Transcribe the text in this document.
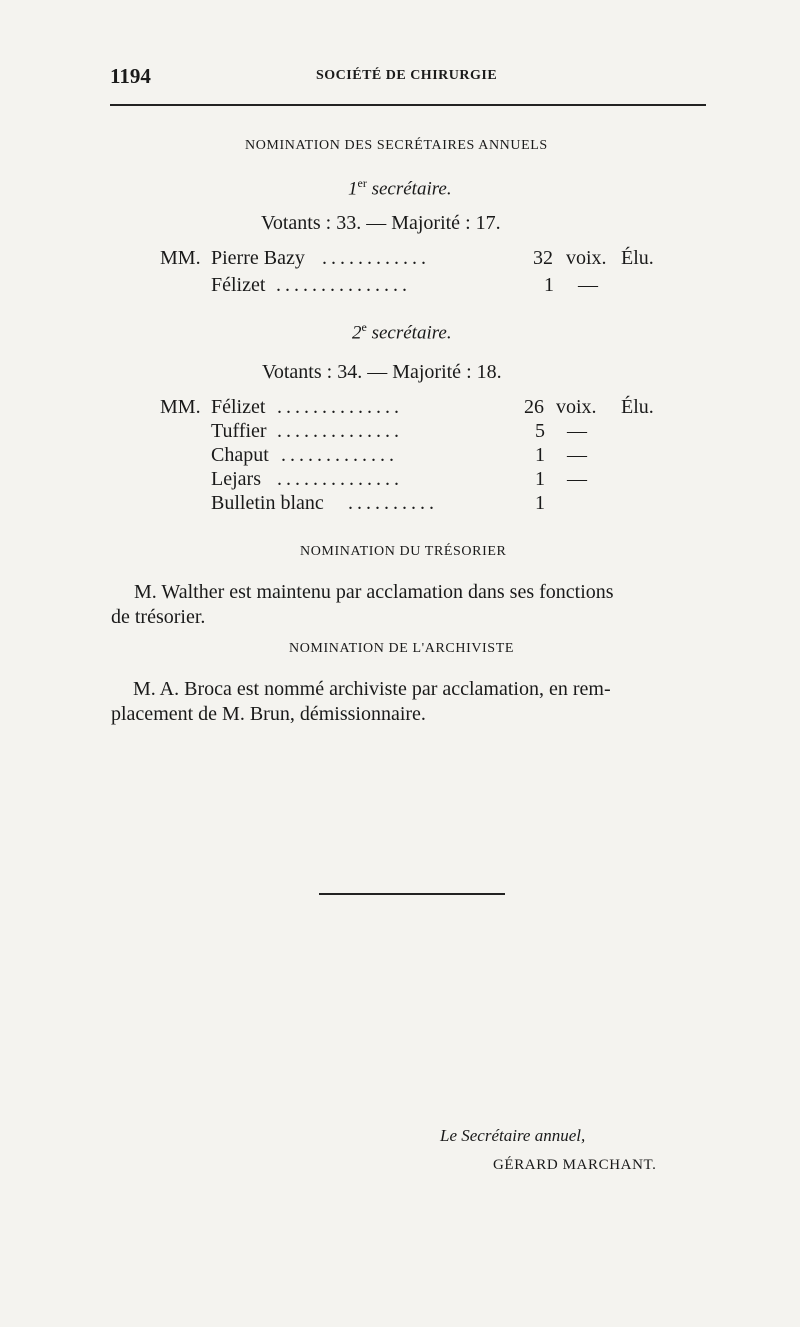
1194	SOCIÉTÉ DE CHIRURGIE
NOMINATION DES SECRÉTAIRES ANNUELS
1er secrétaire.
Votants : 33. — Majorité : 17.
MM. Pierre Bazy ............	32 voix. Élu.
Félizet ...............	1 —
2e secrétaire.
Votants : 34. — Majorité : 18.
MM. Félizet ..............	26 voix. Élu.
Tuffier ..............	5 —
Chaput .............	1 —
Lejars ..............	1 —
Bulletin blanc ..........	1
NOMINATION DU TRÉSORIER
M. Walther est maintenu par acclamation dans ses fonctions
de trésorier.
NOMINATION DE L'ARCHIVISTE
M. A. Broca est nommé archiviste par acclamation, en rem-
placement de M. Brun, démissionnaire.
Le Secrétaire annuel,
GÉRARD MARCHANT.
